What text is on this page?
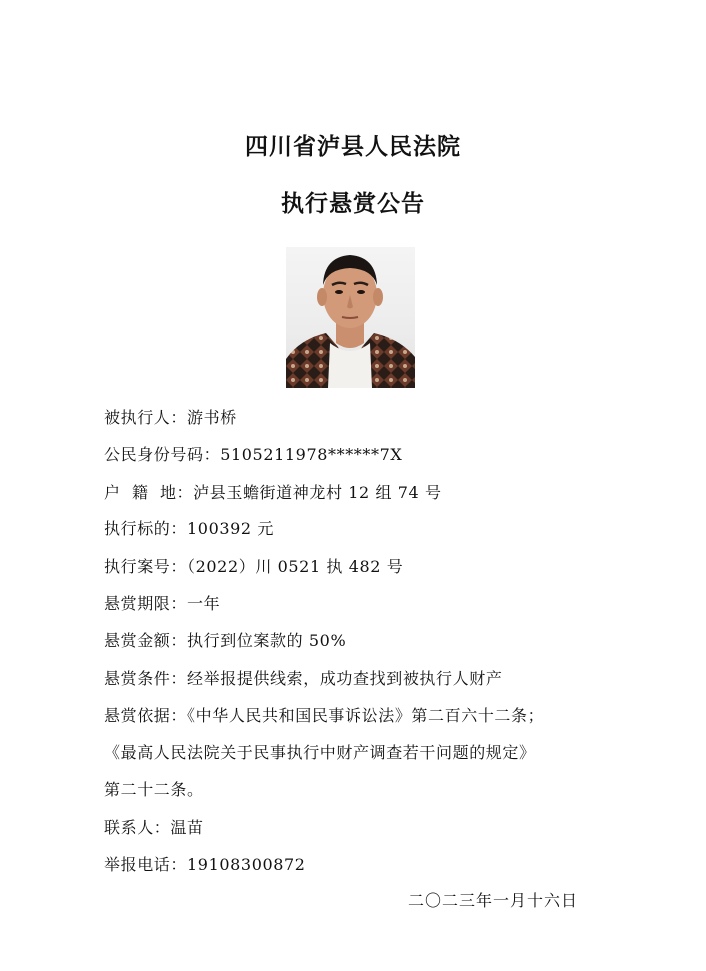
四川省泸县人民法院
执行悬赏公告
被执行人：游书桥
公民身份号码：5105211978******7X
户  籍  地：泸县玉蟾街道神龙村 12 组 74 号
执行标的：100392 元
执行案号：（2022）川 0521 执 482 号
悬赏期限：一年
悬赏金额：执行到位案款的 50%
悬赏条件：经举报提供线索，成功查找到被执行人财产
悬赏依据：《中华人民共和国民事诉讼法》第二百六十二条；
《最高人民法院关于民事执行中财产调查若干问题的规定》
第二十二条。
联系人：温苗
举报电话：19108300872
二〇二三年一月十六日
